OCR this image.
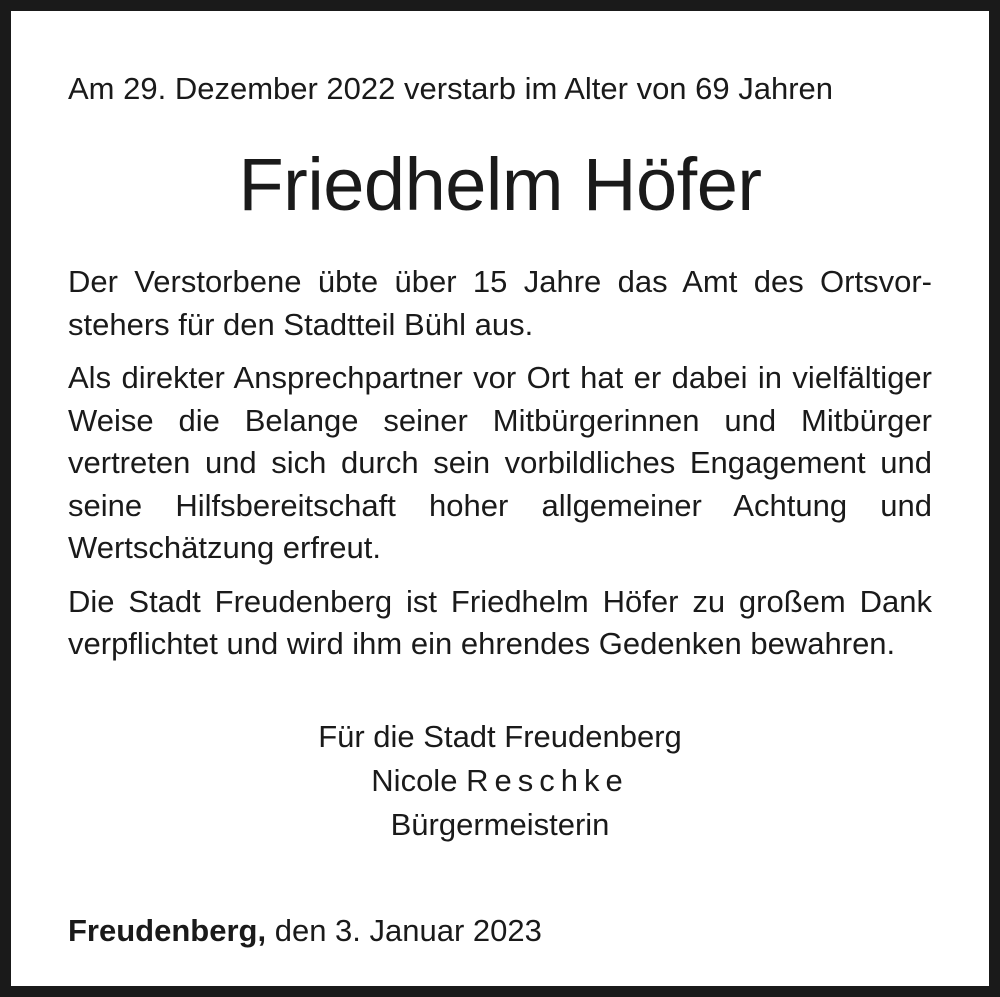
Am 29. Dezember 2022 verstarb im Alter von 69 Jahren

Friedhelm Höfer

Der Verstorbene übte über 15 Jahre das Amt des Ortsvorstehers für den Stadtteil Bühl aus.

Als direkter Ansprechpartner vor Ort hat er dabei in vielfältiger Weise die Belange seiner Mitbürgerinnen und Mitbürger vertreten und sich durch sein vorbildliches Engagement und seine Hilfsbereitschaft hoher allgemeiner Achtung und Wertschätzung erfreut.

Die Stadt Freudenberg ist Friedhelm Höfer zu großem Dank verpflichtet und wird ihm ein ehrendes Gedenken bewahren.

Für die Stadt Freudenberg
Nicole Reschke
Bürgermeisterin
Freudenberg, den 3. Januar 2023
